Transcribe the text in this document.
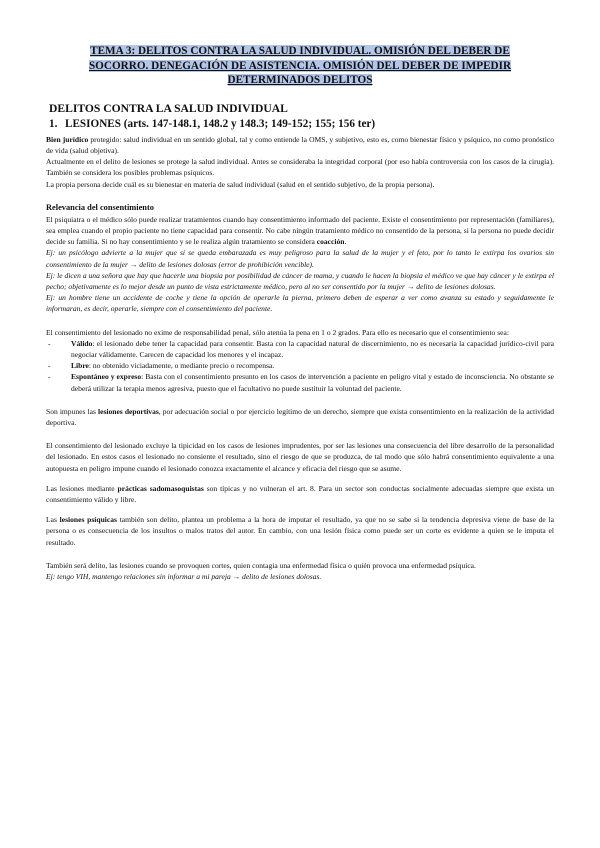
TEMA 3: DELITOS CONTRA LA SALUD INDIVIDUAL. OMISIÓN DEL DEBER DE
SOCORRO. DENEGACIÓN DE ASISTENCIA. OMISIÓN DEL DEBER DE IMPEDIR
DETERMINADOS DELITOS
DELITOS CONTRA LA SALUD INDIVIDUAL
1. LESIONES (arts. 147-148.1, 148.2 y 148.3; 149-152; 155; 156 ter)

Bien jurídico protegido: salud individual en un sentido global, tal y como entiende la OMS, y subjetivo, esto es, como bienestar físico y psíquico, no como pronóstico de vida (salud objetiva).

Actualmente en el delito de lesiones se protege la salud individual. Antes se consideraba la integridad corporal (por eso había controversia con los casos de la cirugía). También se considera los posibles problemas psíquicos.

La propia persona decide cuál es su bienestar en materia de salud individual (salud en el sentido subjetivo, de la propia persona).

Relevancia del consentimiento

El psiquiatra o el médico sólo puede realizar tratamientos cuando hay consentimiento informado del paciente. Existe el consentimiento por representación (familiares), sea emplea cuando el propio paciente no tiene capacidad para consentir. No cabe ningún tratamiento médico no consentido de la persona, si la persona no puede decidir decide su familia. Si no hay consentimiento y se le realiza algún tratamiento se considera coacción.

Ej: un psicólogo advierte a la mujer que si se queda embarazada es muy peligroso para la salud de la mujer y el feto, por lo tanto le extirpa los ovarios sin consentimiento de la mujer → delito de lesiones dolosas (error de prohibición vencible).

Ej: le dicen a una señora que hay que hacerle una biopsia por posibilidad de cáncer de mama, y cuando le hacen la biopsia el médico ve que hay cáncer y le extirpa el pecho; objetivamente es lo mejor desde un punto de vista estrictamente médico, pero al no ser consentido por la mujer → delito de lesiones dolosas.

Ej: un hombre tiene un accidente de coche y tiene la opción de operarle la pierna, primero deben de esperar a ver como avanza su estado y seguidamente le informaran, es decir, operarle, siempre con el consentimiento del paciente.

El consentimiento del lesionado no exime de responsabilidad penal, sólo atenúa la pena en 1 o 2 grados. Para ello es necesario que el consentimiento sea:

- Válido: el lesionado debe tener la capacidad para consentir. Basta con la capacidad natural de discernimiento, no es necesaria la capacidad jurídico-civil para negociar válidamente. Carecen de capacidad los menores y el incapaz.
- Libre: no obtenido viciadamente, o mediante precio o recompensa.
- Espontáneo y expreso: Basta con el consentimiento presunto en los casos de intervención a paciente en peligro vital y estado de inconsciencia. No obstante se deberá utilizar la terapia menos agresiva, puesto que el facultativo no puede sustituir la voluntad del paciente.

Son impunes las lesiones deportivas, por adecuación social o por ejercicio legítimo de un derecho, siempre que exista consentimiento en la realización de la actividad deportiva.

El consentimiento del lesionado excluye la tipicidad en los casos de lesiones imprudentes, por ser las lesiones una consecuencia del libre desarrollo de la personalidad del lesionado. En estos casos el lesionado no consiente el resultado, sino el riesgo de que se produzca, de tal modo que sólo habrá consentimiento equivalente a una autopuesta en peligro impune cuando el lesionado conozca exactamente el alcance y eficacia del riesgo que se asume.

Las lesiones mediante prácticas sadomasoquistas son típicas y no vulneran el art. 8. Para un sector son conductas socialmente adecuadas siempre que exista un consentimiento válido y libre.

Las lesiones psíquicas también son delito, plantea un problema a la hora de imputar el resultado, ya que no se sabe si la tendencia depresiva viene de base de la persona o es consecuencia de los insultos o malos tratos del autor. En cambio, con una lesión física como puede ser un corte es evidente a quien se le imputa el resultado.

También será delito, las lesiones cuando se provoquen cortes, quien contagia una enfermedad física o quién provoca una enfermedad psíquica.

Ej: tengo VIH, mantengo relaciones sin informar a mi pareja → delito de lesiones dolosas.
